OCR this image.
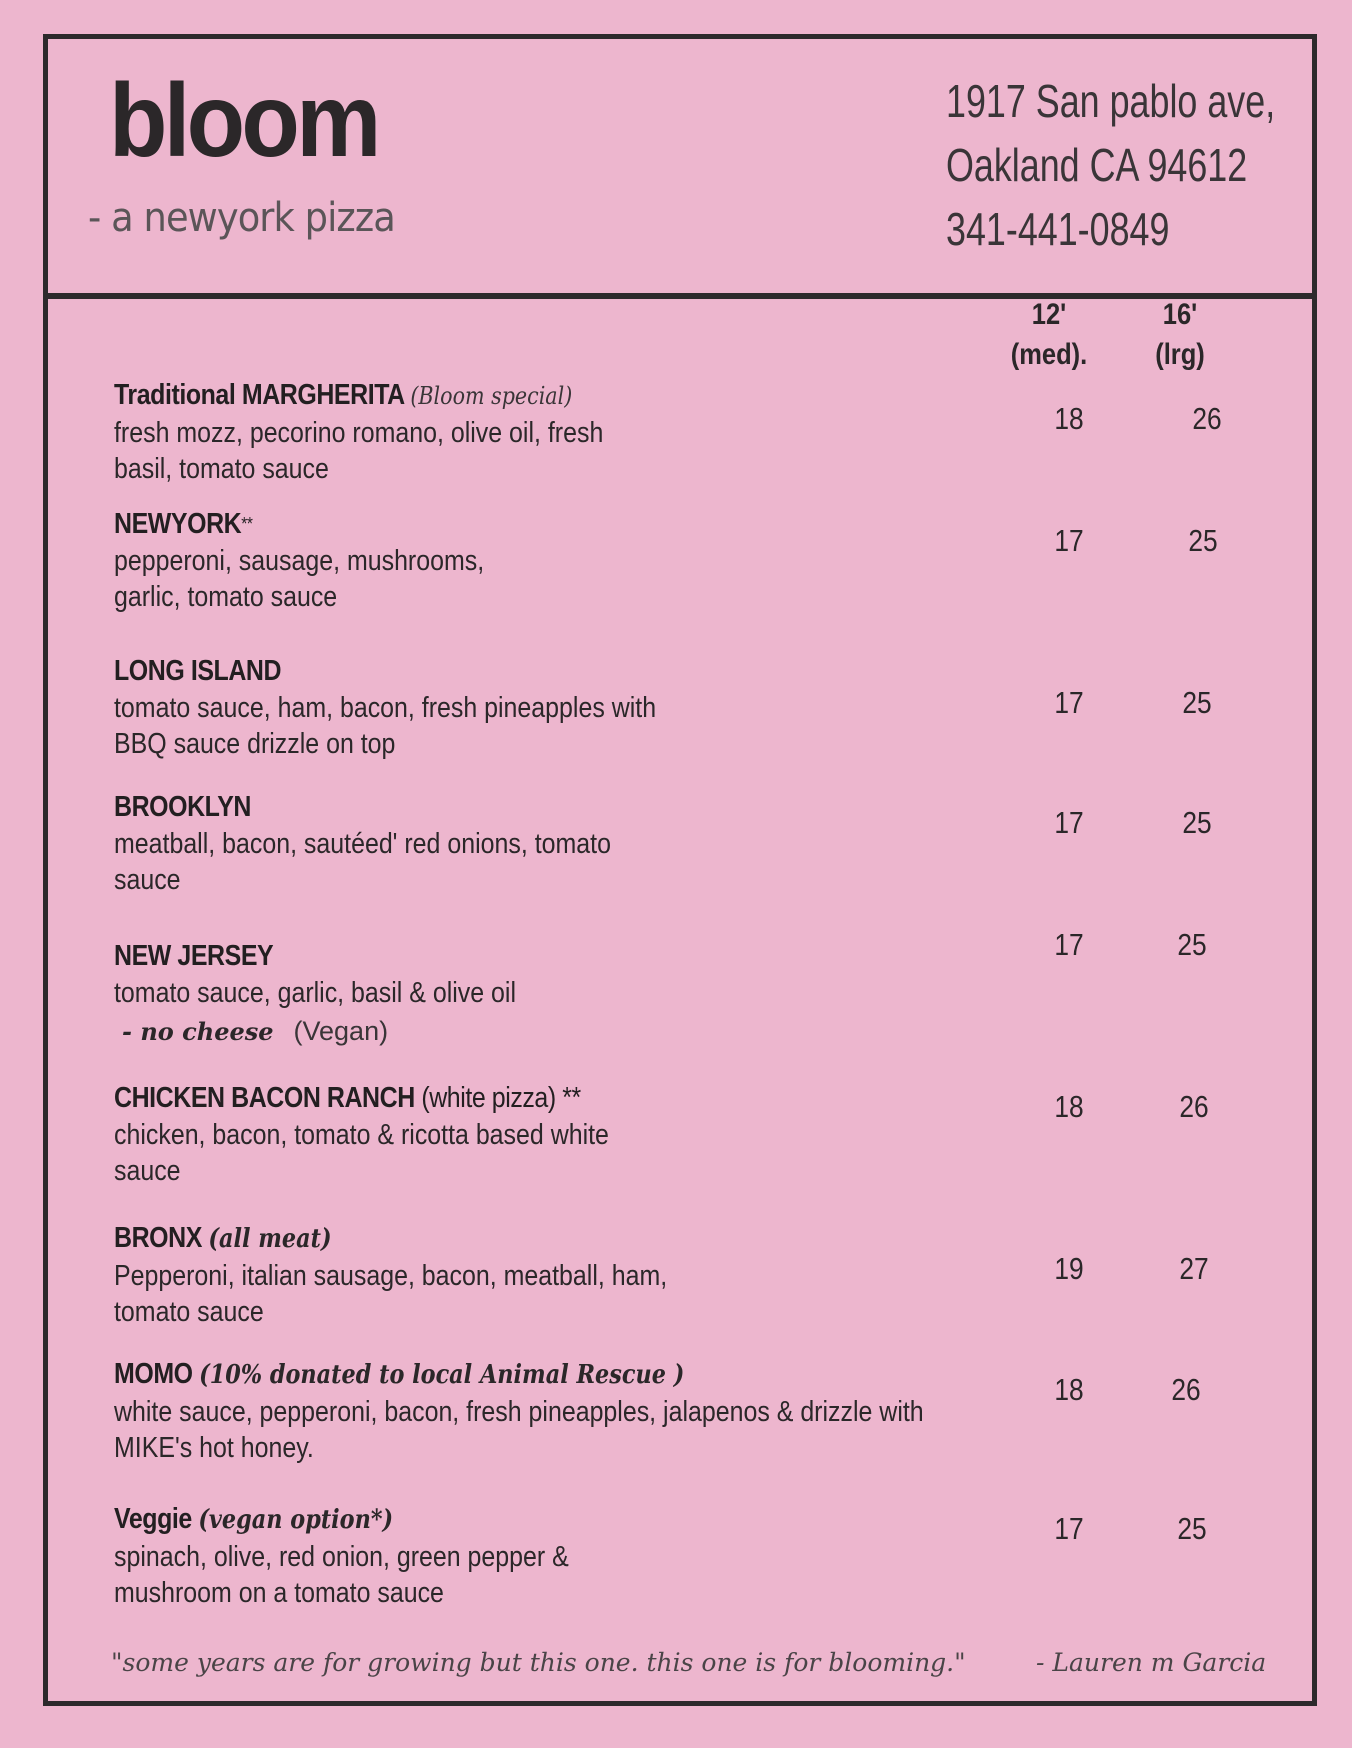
bloom
- a newyork pizza
1917 San pablo ave,
Oakland CA 94612
341-441-0849
12'
(med).
16'
(lrg)
Traditional MARGHERITA (Bloom special)
fresh mozz, pecorino romano, olive oil, fresh
basil, tomato sauce
18	26
NEWYORK**
pepperoni, sausage, mushrooms,
garlic, tomato sauce
17	25
LONG ISLAND
tomato sauce, ham, bacon, fresh pineapples with
BBQ sauce drizzle on top
17	25
BROOKLYN
meatball, bacon, sautéed' red onions, tomato
sauce
17	25
NEW JERSEY
tomato sauce, garlic, basil & olive oil
- no cheese (Vegan)
17	25
CHICKEN BACON RANCH (white pizza) **
chicken, bacon, tomato & ricotta based white
sauce
18	26
BRONX (all meat)
Pepperoni, italian sausage, bacon, meatball, ham,
tomato sauce
19	27
MOMO (10% donated to local Animal Rescue )
white sauce, pepperoni, bacon, fresh pineapples, jalapenos & drizzle with
MIKE's hot honey.
18	26
Veggie (vegan option*)
spinach, olive, red onion, green pepper &
mushroom on a tomato sauce
17	25
"some years are for growing but this one. this one is for blooming."	- Lauren m Garcia
